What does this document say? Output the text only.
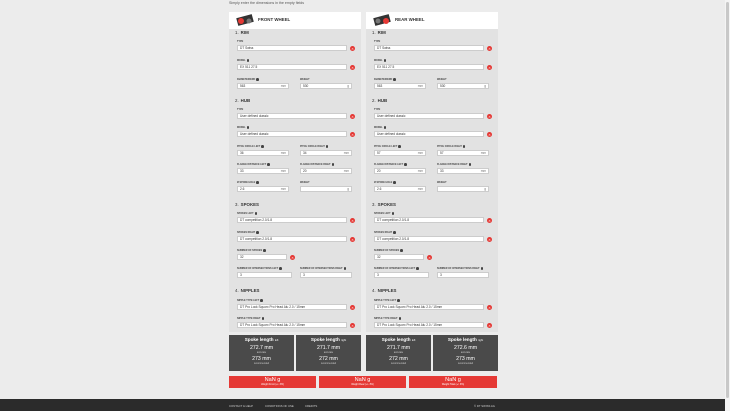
Simply enter the dimensions in the empty fields
FRONT WHEEL
1. RIM
2. HUB
3. SPOKES
4. NIPPLES
TYPE
DT Swiss	×
MODEL
EX 511 27.5	×
DIAMETER/ERD
563	mm
WEIGHT
530	g
TYPE
User defined classic	×
MODEL
User defined classic	×
PITCH CIRCLE LEFT
36	mm
PITCH CIRCLE RIGHT
34	mm
FLANGE DISTANCE LEFT
33	mm
FLANGE DISTANCE RIGHT
20	mm
Ø SPOKE HOLE
2.6	mm
WEIGHT
g
SPOKES LEFT
DT competition 2.0/1.8	×
SPOKES RIGHT
DT competition 2.0/1.8	×
NUMBER OF SPOKES
32	×
NUMBER OF INTERSECTIONS LEFT
3
NUMBER OF INTERSECTIONS RIGHT
3
NIPPLE TYPE LEFT
DT Pro Lock Squorx Pro Head Alu 2.0 / 15mm	×
NIPPLE TYPE RIGHT
DT Pro Lock Squorx Pro Head Alu 2.0 / 15mm	×
REAR WHEEL
1. RIM
2. HUB
3. SPOKES
4. NIPPLES
TYPE
DT Swiss	×
MODEL
EX 511 27.5	×
DIAMETER/ERD
563	mm
WEIGHT
530	g
TYPE
User defined classic	×
MODEL
User defined classic	×
PITCH CIRCLE LEFT
57	mm
PITCH CIRCLE RIGHT
57	mm
FLANGE DISTANCE LEFT
20	mm
FLANGE DISTANCE RIGHT
33	mm
Ø SPOKE HOLE
2.6	mm
WEIGHT
g
SPOKES LEFT
DT competition 2.0/1.8	×
SPOKES RIGHT
DT competition 2.0/1.8	×
NUMBER OF SPOKES
32	×
NUMBER OF INTERSECTIONS LEFT
3
NUMBER OF INTERSECTIONS RIGHT
3
NIPPLE TYPE LEFT
DT Pro Lock Squorx Pro Head Alu 2.0 / 15mm	×
NIPPLE TYPE RIGHT
DT Pro Lock Squorx Pro Head Alu 2.0 / 15mm	×
Spoke length left
272.7 mm
accurate
273 mm
recommended
Spoke length right
271.7 mm
accurate
272 mm
recommended
Spoke length left
271.7 mm
accurate
272 mm
recommended
Spoke length right
272.6 mm
accurate
273 mm
recommended
NaN g
Weight Front (+/- 3%)
NaN g
Weight Rear (+/- 3%)
NaN g
Weight Total (+/- 3%)
CONTACT & HELP	CONDITIONS OF USE	CREDITS	© DT SWISS AG
